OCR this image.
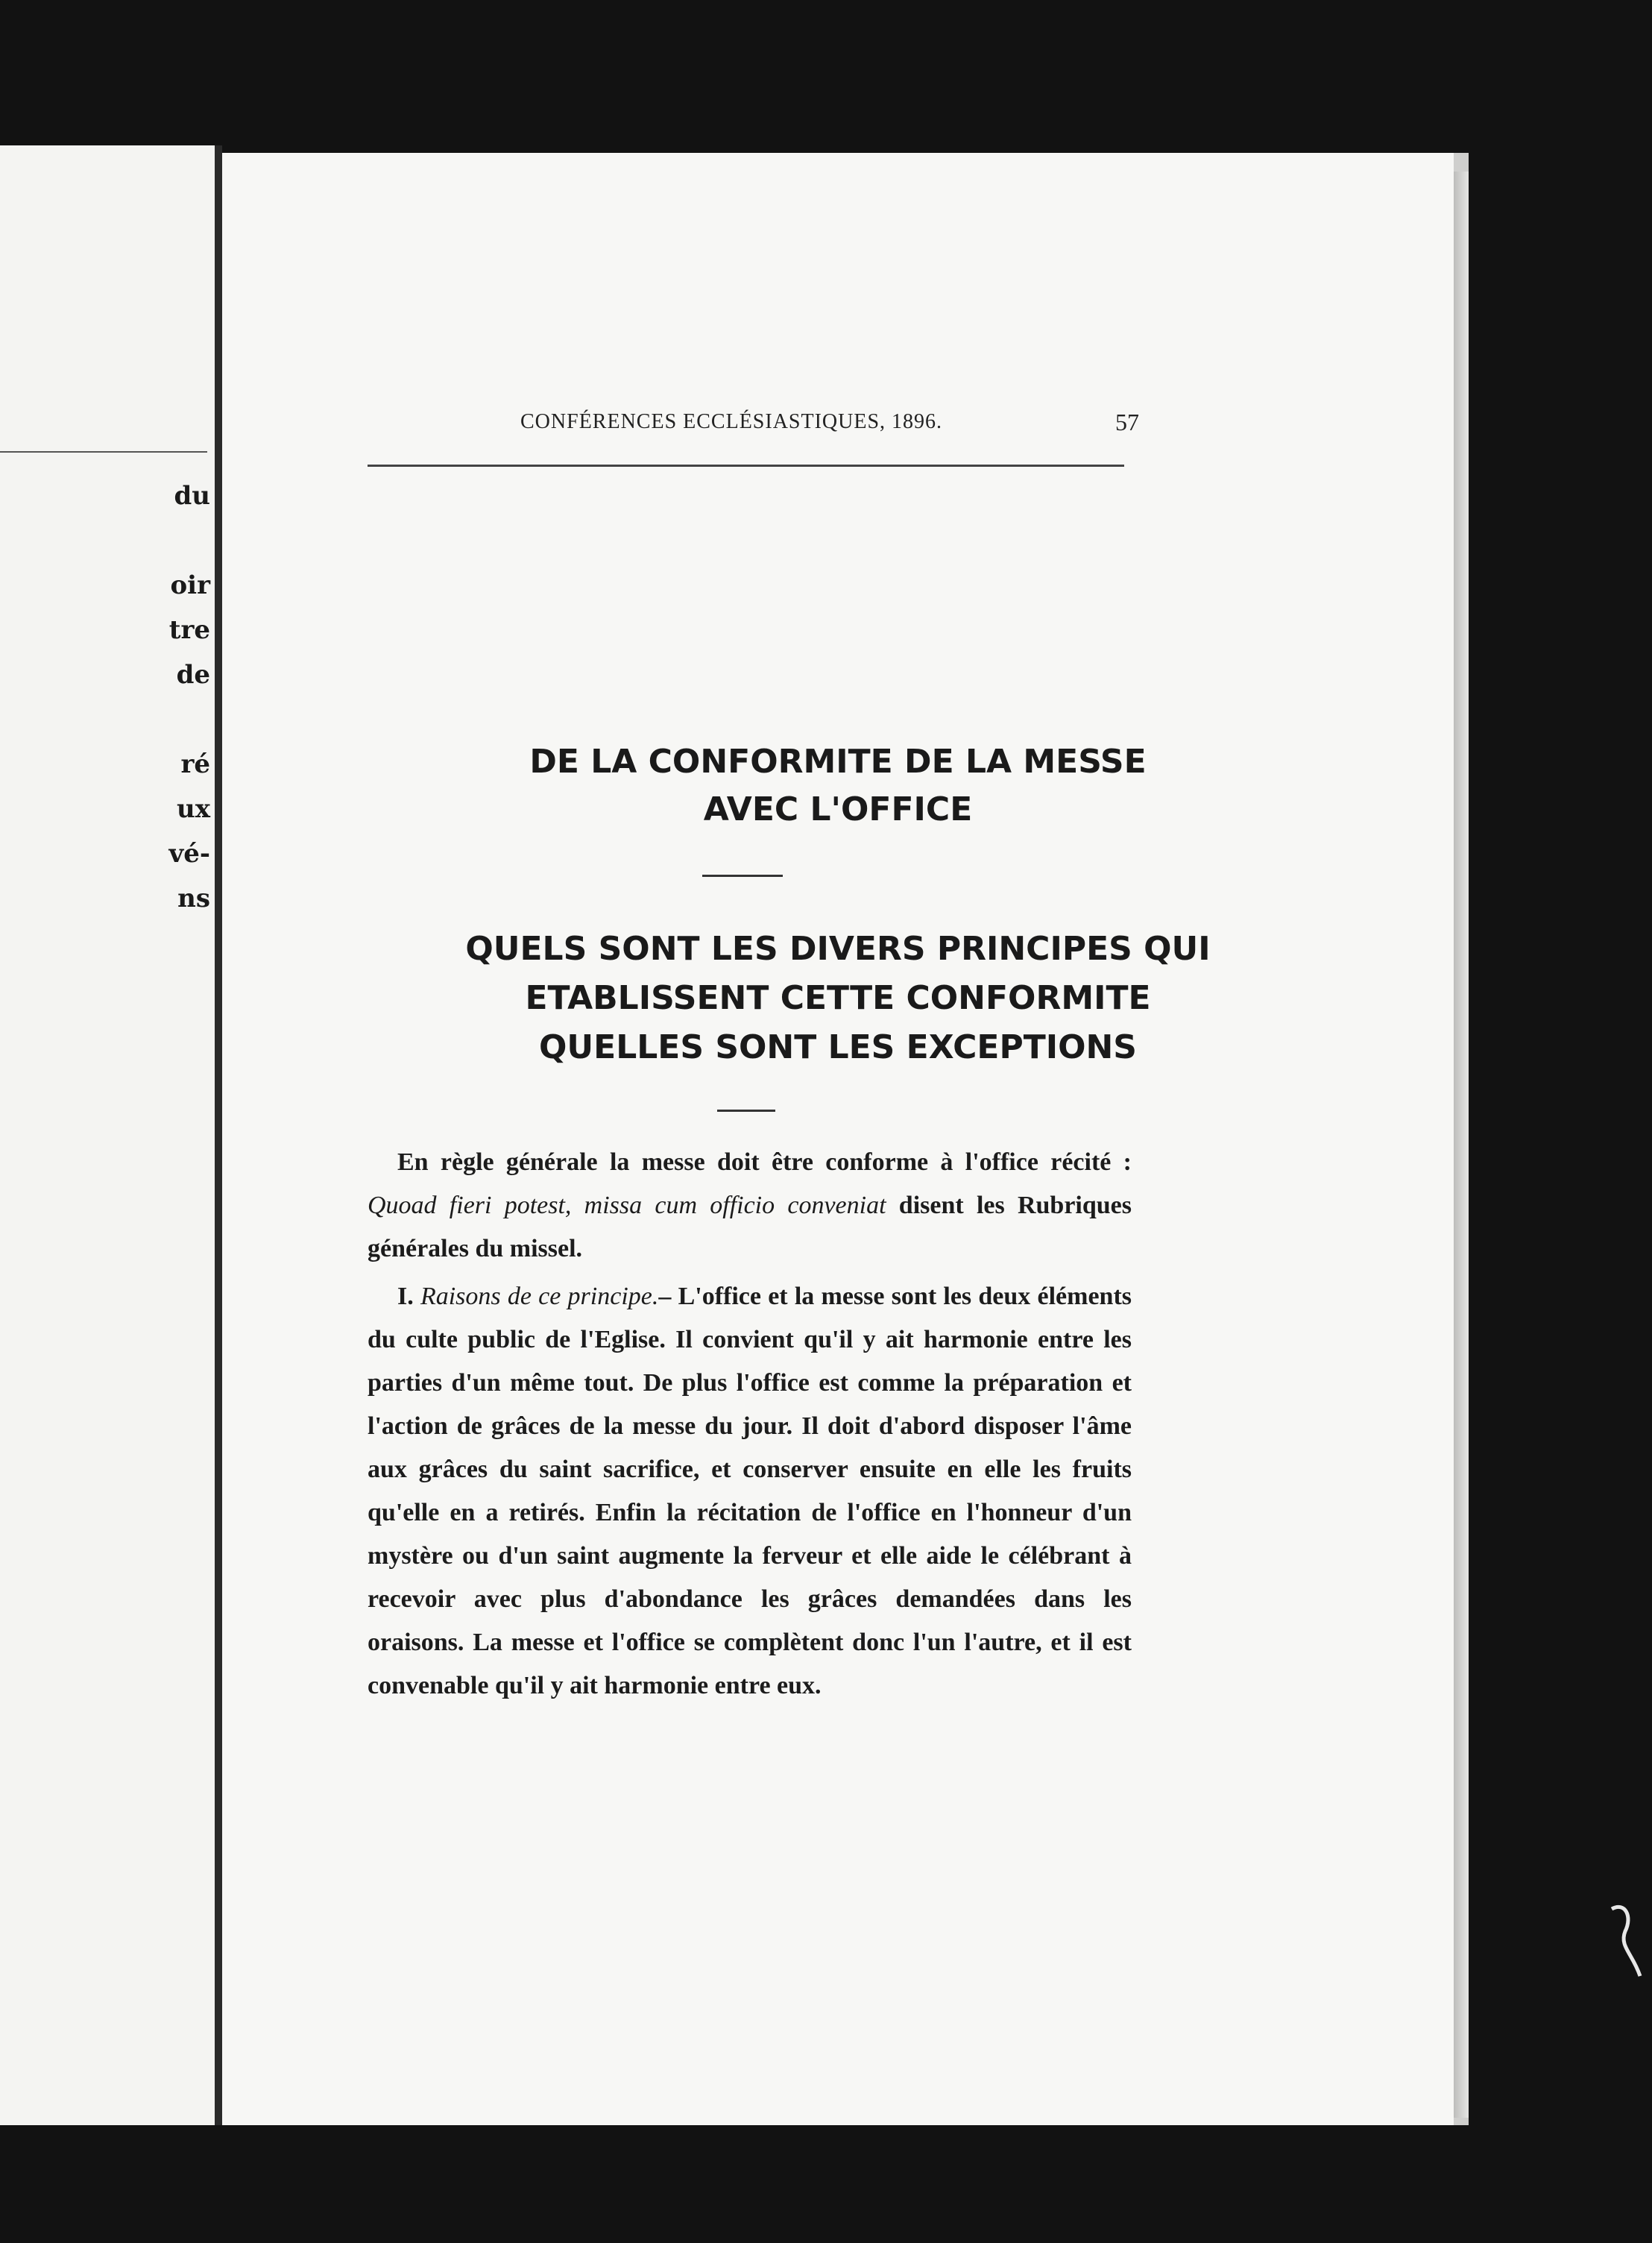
du
oir
tre
de
ré
ux
vé-
ns
CONFÉRENCES ECCLÉSIASTIQUES, 1896.	57
DE LA CONFORMITE DE LA MESSE
AVEC L'OFFICE
QUELS SONT LES DIVERS PRINCIPES QUI
ETABLISSENT CETTE CONFORMITE
QUELLES SONT LES EXCEPTIONS

En règle générale la messe doit être conforme à l'office récité : Quoad fieri potest, missa cum officio conveniat disent les Rubriques générales du missel.

I. Raisons de ce principe.– L'office et la messe sont les deux éléments du culte public de l'Eglise. Il convient qu'il y ait harmonie entre les parties d'un même tout. De plus l'office est comme la préparation et l'action de grâces de la messe du jour. Il doit d'abord disposer l'âme aux grâces du saint sacrifice, et conserver ensuite en elle les fruits qu'elle en a retirés. Enfin la récitation de l'office en l'honneur d'un mystère ou d'un saint augmente la ferveur et elle aide le célébrant à recevoir avec plus d'abondance les grâces demandées dans les oraisons. La messe et l'office se complètent donc l'un l'autre, et il est convenable qu'il y ait harmonie entre eux.
